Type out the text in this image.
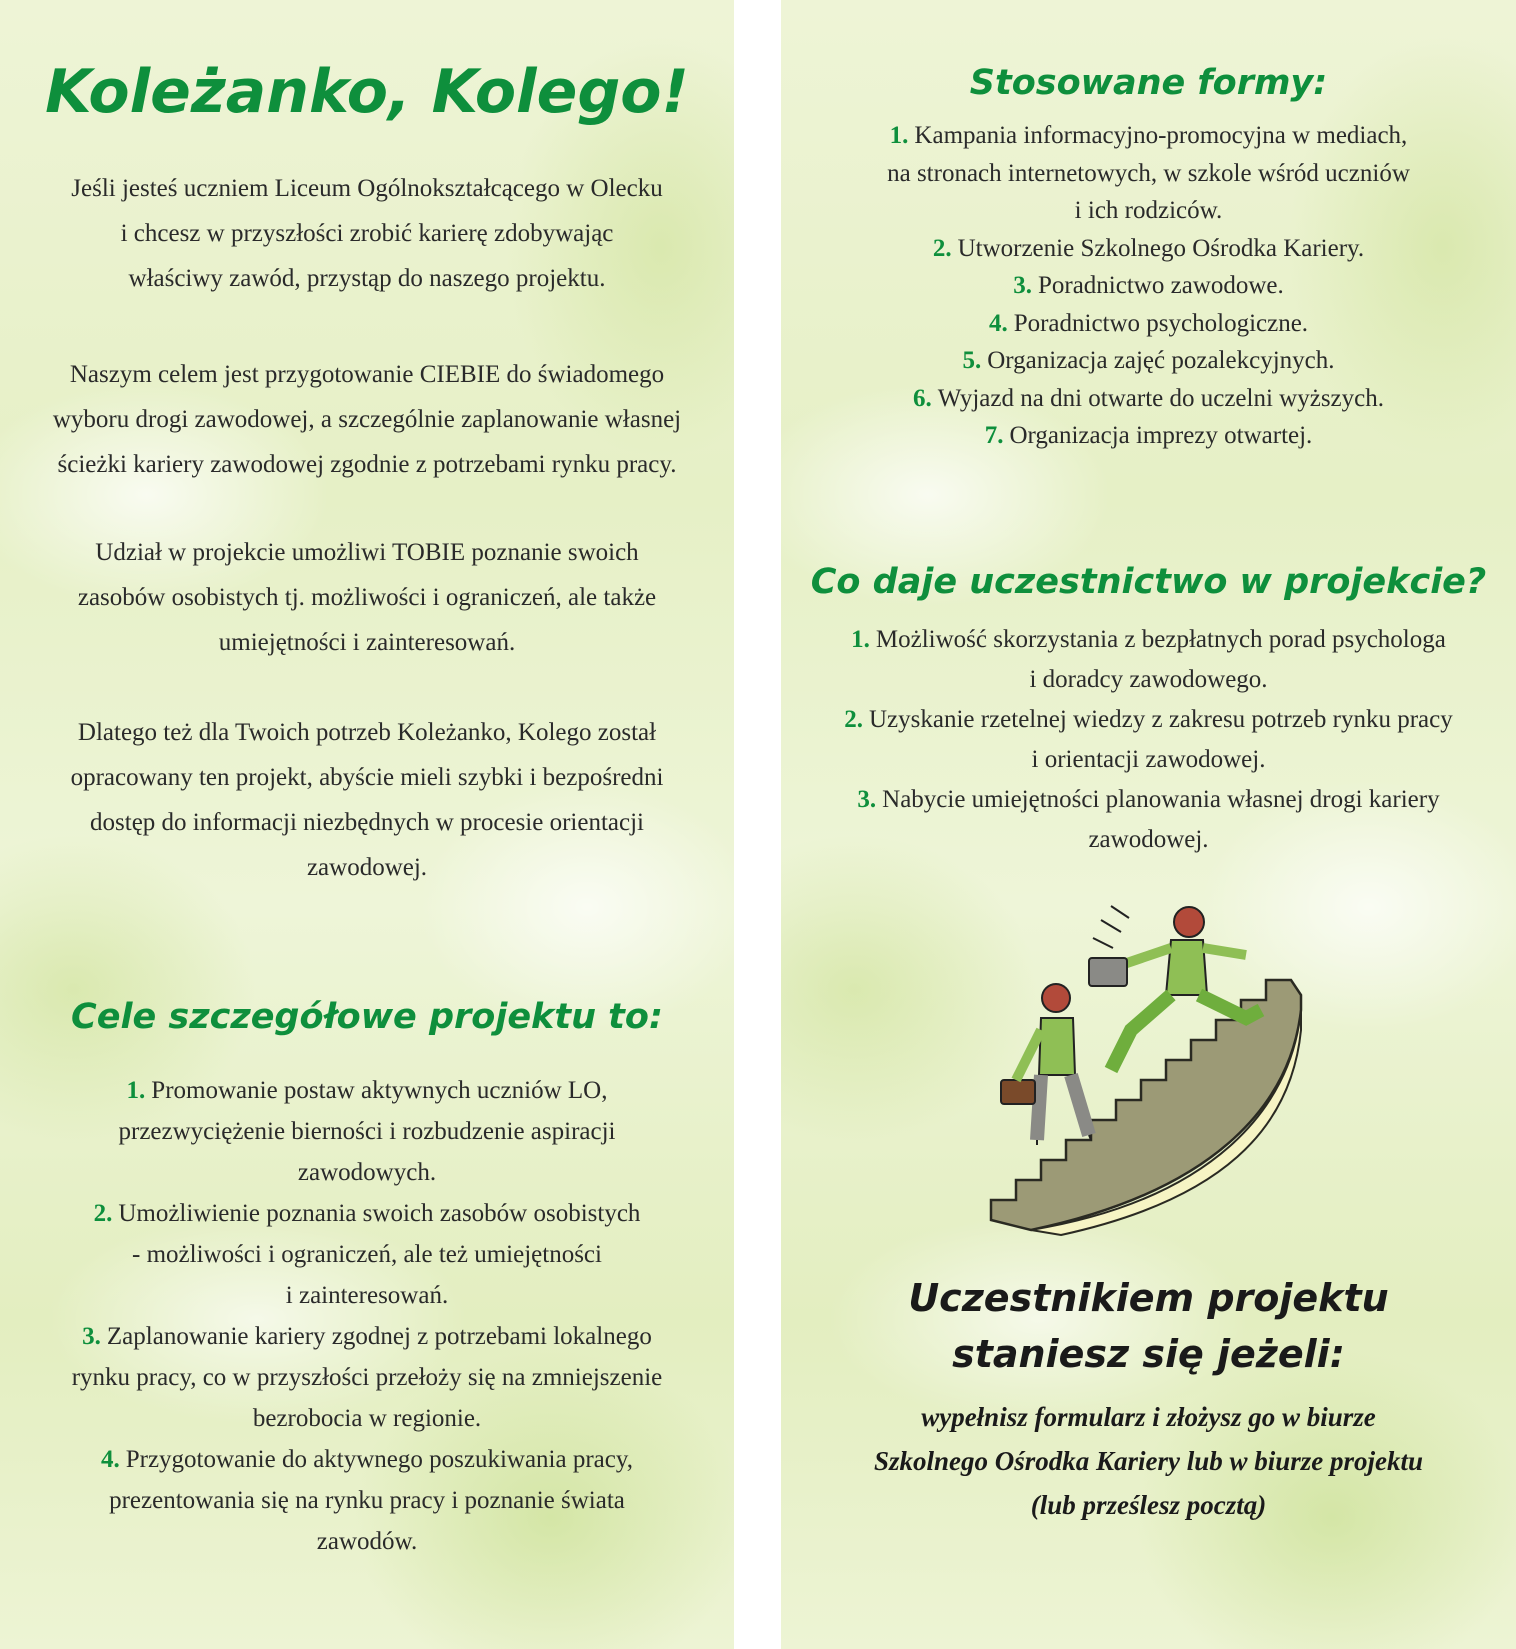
Koleżanko, Kolego!

Jeśli jesteś uczniem Liceum Ogólnokształcącego w Olecku
i chcesz w przyszłości zrobić karierę zdobywając
właściwy zawód, przystąp do naszego projektu.

Naszym celem jest przygotowanie CIEBIE do świadomego
wyboru drogi zawodowej, a szczególnie zaplanowanie własnej
ścieżki kariery zawodowej zgodnie z potrzebami rynku pracy.

Udział w projekcie umożliwi TOBIE poznanie swoich
zasobów osobistych tj. możliwości i ograniczeń, ale także
umiejętności i zainteresowań.

Dlatego też dla Twoich potrzeb Koleżanko, Kolego został
opracowany ten projekt, abyście mieli szybki i bezpośredni
dostęp do informacji niezbędnych w procesie orientacji
zawodowej.

Cele szczegółowe projektu to:
1. Promowanie postaw aktywnych uczniów LO,
przezwyciężenie bierności i rozbudzenie aspiracji
zawodowych.
2. Umożliwienie poznania swoich zasobów osobistych
- możliwości i ograniczeń, ale też umiejętności
i zainteresowań.
3. Zaplanowanie kariery zgodnej z potrzebami lokalnego
rynku pracy, co w przyszłości przełoży się na zmniejszenie
bezrobocia w regionie.
4. Przygotowanie do aktywnego poszukiwania pracy,
prezentowania się na rynku pracy i poznanie świata
zawodów.
Stosowane formy:
1. Kampania informacyjno-promocyjna w mediach,
na stronach internetowych, w szkole wśród uczniów
i ich rodziców.
2. Utworzenie Szkolnego Ośrodka Kariery.
3. Poradnictwo zawodowe.
4. Poradnictwo psychologiczne.
5. Organizacja zajęć pozalekcyjnych.
6. Wyjazd na dni otwarte do uczelni wyższych.
7. Organizacja imprezy otwartej.
Co daje uczestnictwo w projekcie?
1. Możliwość skorzystania z bezpłatnych porad psychologa
i doradcy zawodowego.
2. Uzyskanie rzetelnej wiedzy z zakresu potrzeb rynku pracy
i orientacji zawodowej.
3. Nabycie umiejętności planowania własnej drogi kariery
zawodowej.
Uczestnikiem projektu
staniesz się jeżeli:

wypełnisz formularz i złożysz go w biurze
Szkolnego Ośrodka Kariery lub w biurze projektu
(lub prześlesz pocztą)
